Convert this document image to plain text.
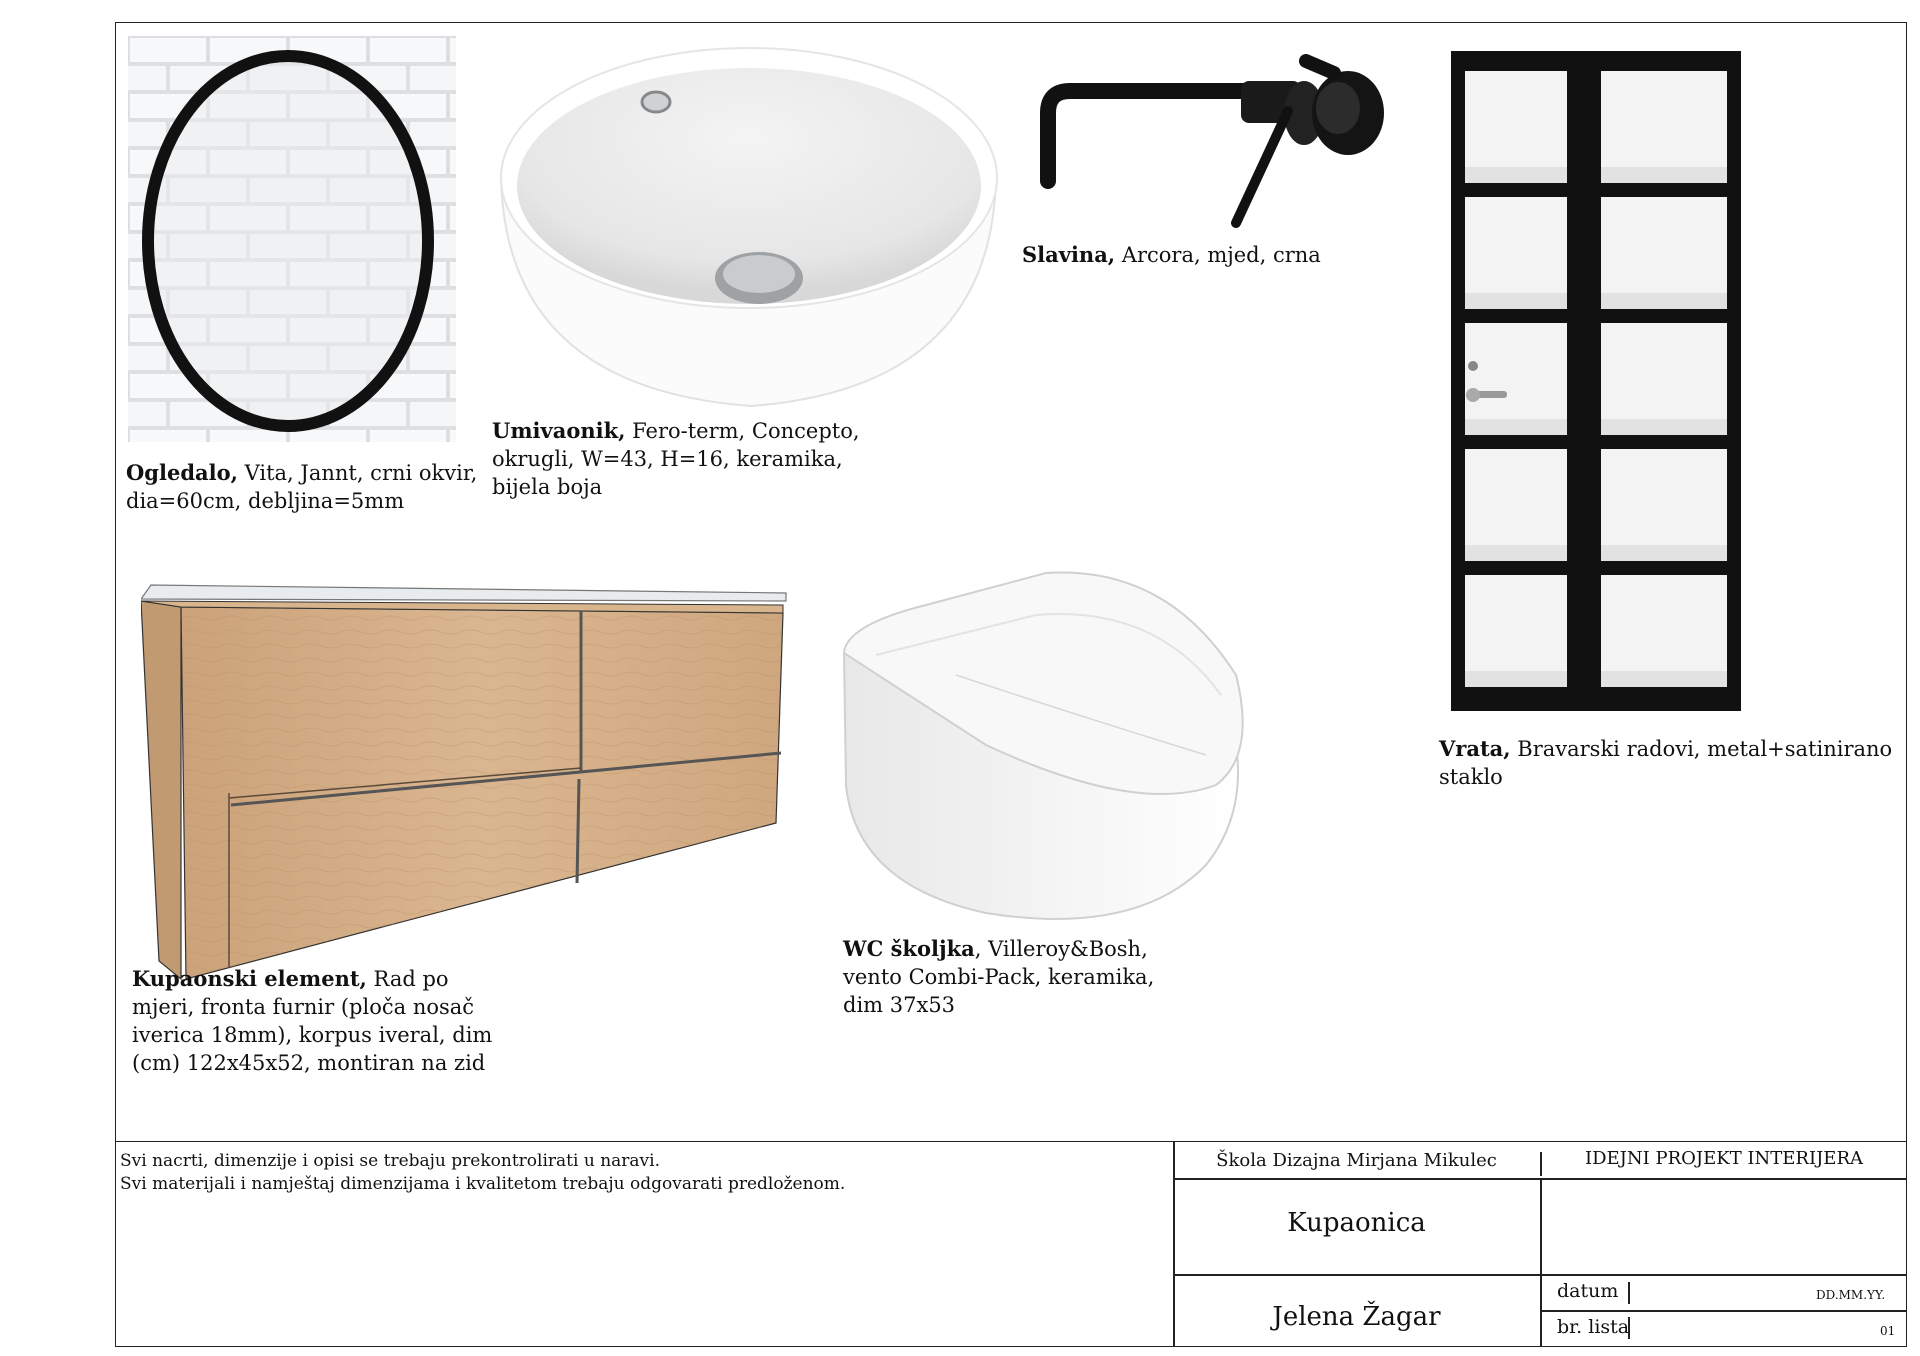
Ogledalo, Vita, Jannt, crni okvir,
dia=60cm, debljina=5mm
Umivaonik, Fero-term, Concepto,
okrugli, W=43, H=16, keramika,
bijela boja
Slavina, Arcora, mjed, crna
Vrata, Bravarski radovi, metal+satinirano
staklo
Kupaonski element, Rad po
mjeri, fronta furnir (ploča nosač
iverica 18mm), korpus iveral, dim
(cm) 122x45x52, montiran na zid
WC školjka, Villeroy&Bosh,
vento Combi-Pack, keramika,
dim 37x53
Svi nacrti, dimenzije i opisi se trebaju prekontrolirati u naravi.
Svi materijali i namještaj dimenzijama i kvalitetom trebaju odgovarati predloženom.
Škola Dizajna Mirjana Mikulec	IDEJNI PROJEKT INTERIJERA
Kupaonica
Jelena Žagar
datum	DD.MM.YY.
br. lista	01
